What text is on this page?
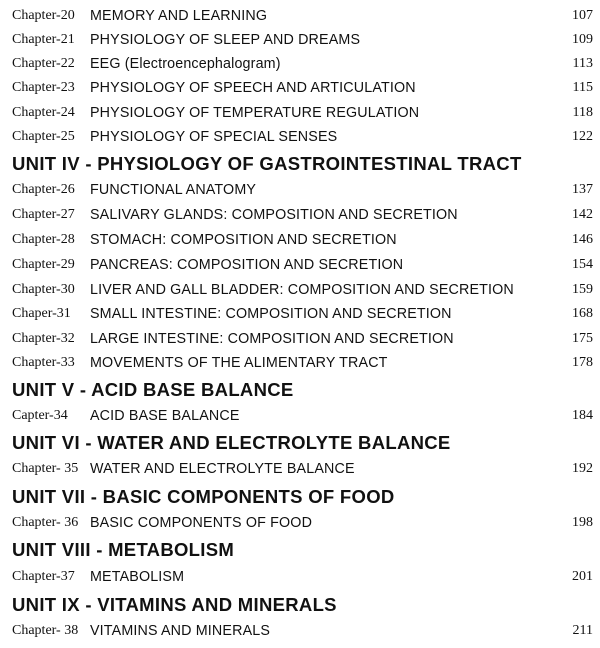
Chapter-20 MEMORY AND LEARNING	107
Chapter-21 PHYSIOLOGY OF SLEEP AND DREAMS	109
Chapter-22 EEG (Electroencephalogram)	113
Chapter-23 PHYSIOLOGY OF SPEECH AND ARTICULATION	115
Chapter-24 PHYSIOLOGY OF TEMPERATURE REGULATION	118
Chapter-25 PHYSIOLOGY OF SPECIAL SENSES	122
UNIT IV - PHYSIOLOGY OF GASTROINTESTINAL TRACT
Chapter-26 FUNCTIONAL ANATOMY	137
Chapter-27 SALIVARY GLANDS: COMPOSITION AND SECRETION	142
Chapter-28 STOMACH: COMPOSITION AND SECRETION	146
Chapter-29 PANCREAS: COMPOSITION AND SECRETION	154
Chapter-30 LIVER AND GALL BLADDER: COMPOSITION AND SECRETION	159
Chaper-31 SMALL INTESTINE: COMPOSITION AND SECRETION	168
Chapter-32 LARGE INTESTINE: COMPOSITION AND SECRETION	175
Chapter-33 MOVEMENTS OF THE ALIMENTARY TRACT	178
UNIT V - ACID BASE BALANCE
Capter-34 ACID BASE BALANCE	184
UNIT VI - WATER AND ELECTROLYTE BALANCE
Chapter- 35 WATER AND ELECTROLYTE BALANCE	192
UNIT VII - BASIC COMPONENTS OF FOOD
Chapter- 36 BASIC COMPONENTS OF FOOD	198
UNIT VIII - METABOLISM
Chapter-37 METABOLISM	201
UNIT IX - VITAMINS AND MINERALS
Chapter- 38 VITAMINS AND MINERALS	211
